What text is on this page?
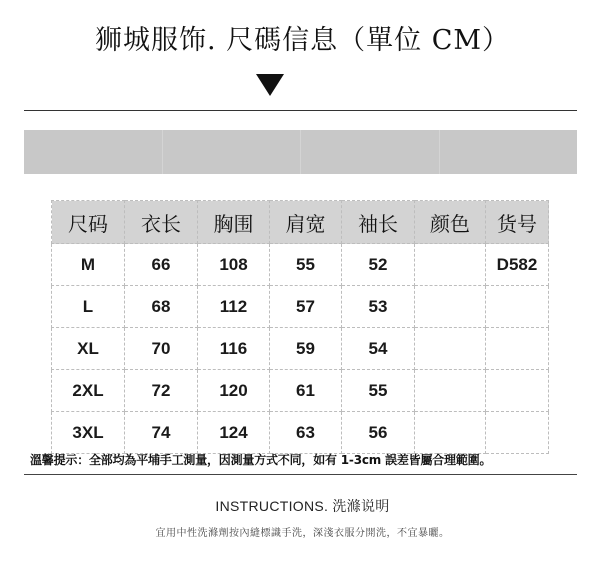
狮城服饰. 尺碼信息（單位 CM）
尺码	衣长	胸围	肩宽	袖长	颜色	货号
M	66	108	55	52		D582
L	68	112	57	53		
XL	70	116	59	54		
2XL	72	120	61	55		
3XL	74	124	63	56		
溫馨提示：全部均為平埔手工測量，因測量方式不同，如有 1-3cm 誤差皆屬合理範圍。
INSTRUCTIONS. 洗滌说明
宜用中性洗滌劑按內縫標識手洗，深淺衣服分開洗，不宜暴曬。
